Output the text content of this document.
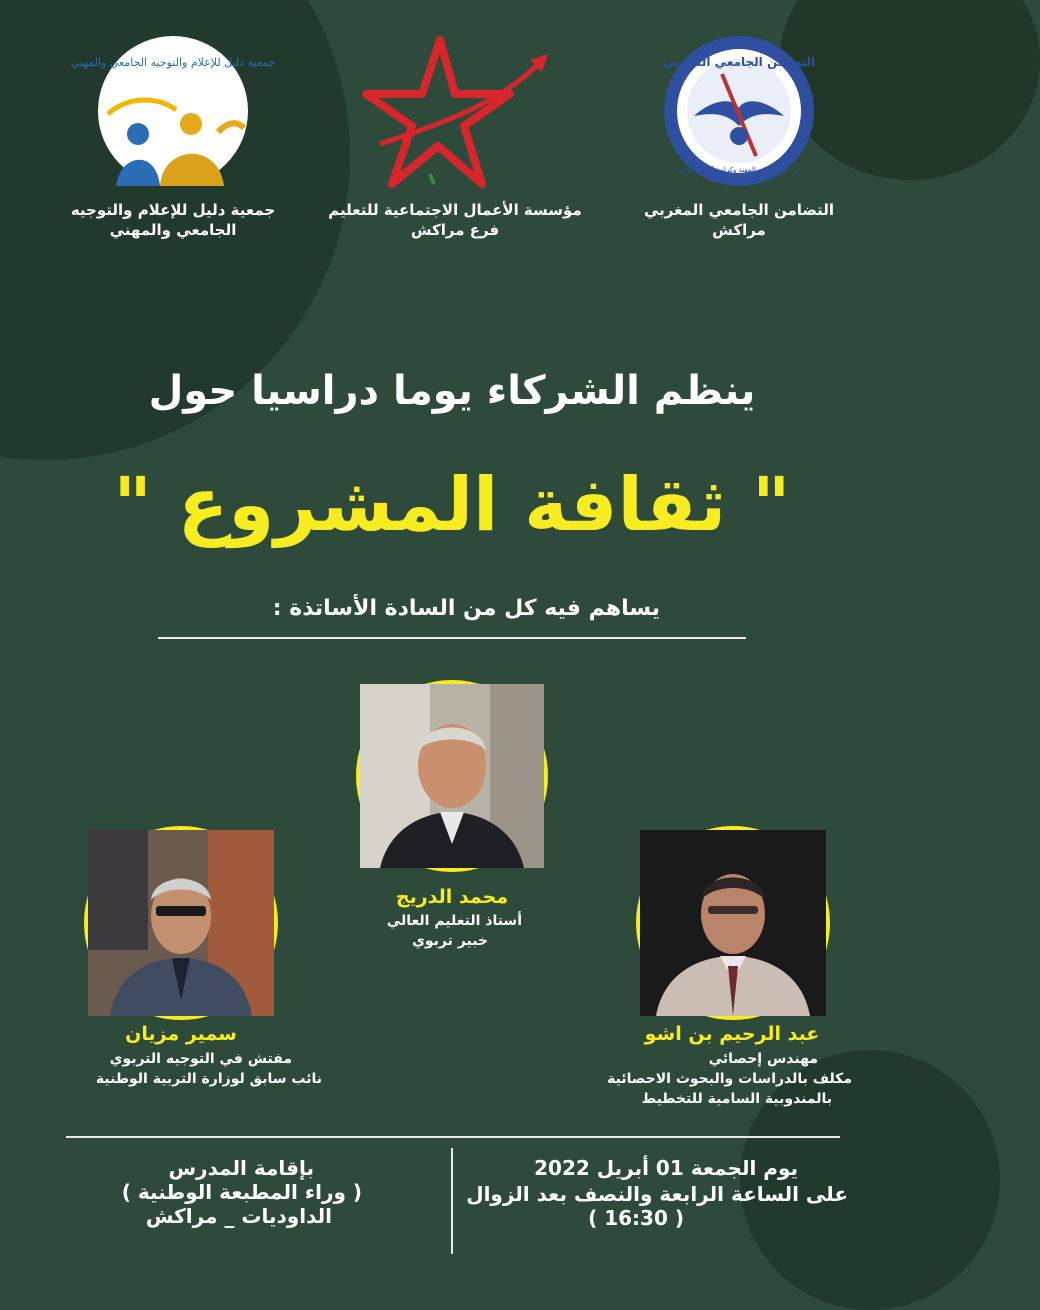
جمعية دليل للإعلام والتوجيه الجامعي والمهني
جمعية دليل للإعلام والتوجيه
الجامعي والمهني
مؤسسة الأعمال الاجتماعية للتعليم
فرع مراكش
التضامن الجامعي المغربي
من أجل شرف المهنة وكرامة أسرة التعليم
التضامن الجامعي المغربي
مراكش
ينظم الشركاء يوما دراسيا حول
" ثقافة المشروع "
يساهم فيه كل من السادة الأساتذة :
محمد الدريج
أستاذ التعليم العالي
خبير تربوي
سمير مزيان
مفتش في التوجيه التربوي
نائب سابق لوزارة التربية الوطنية
عبد الرحيم بن اشو
مهندس إحصائي
مكلف بالدراسات والبحوث الاحصائية
بالمندوبية السامية للتخطيط
يوم الجمعة 01 أبريل 2022
على الساعة الرابعة والنصف بعد الزوال
( 16:30 )
بإقامة المدرس
( وراء المطبعة الوطنية )
الداوديات _ مراكش
